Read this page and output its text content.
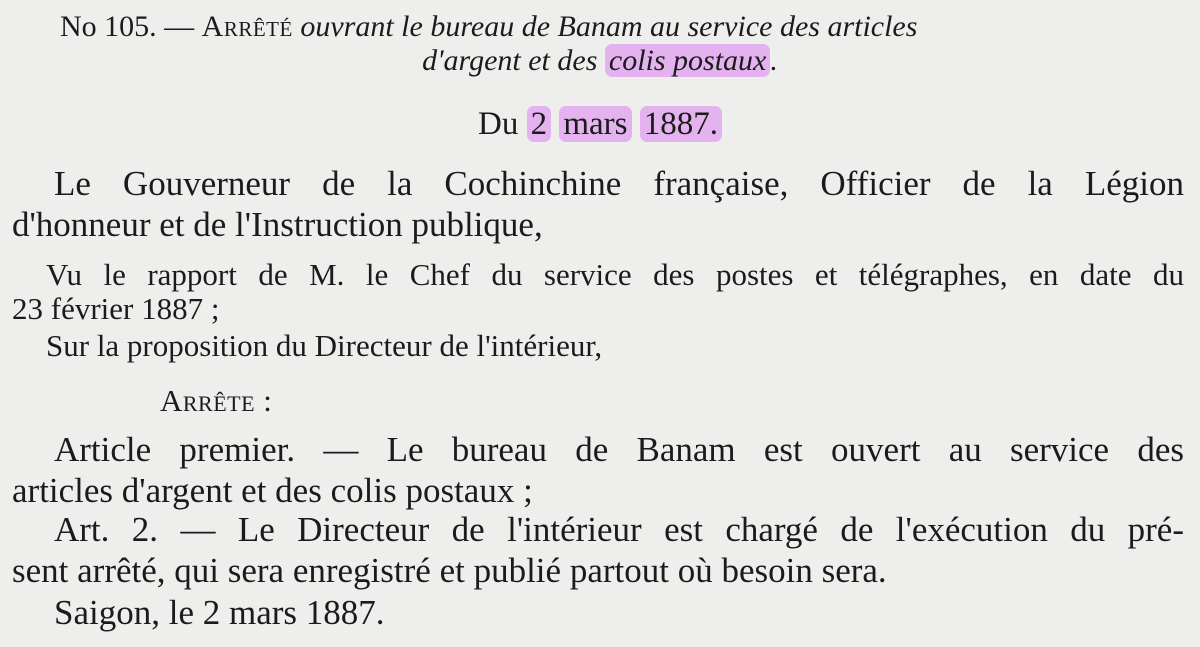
No 105. — Arrêté ouvrant le bureau de Banam au service des articles
d'argent et des colis postaux .
Du 2 mars 1887.
Le Gouverneur de la Cochinchine française, Officier de la Légion
d'honneur et de l'Instruction publique,
Vu le rapport de M. le Chef du service des postes et télégraphes, en date du
23 février 1887 ;
Sur la proposition du Directeur de l'intérieur,
Arrête :
Article premier. — Le bureau de Banam est ouvert au service des
articles d'argent et des colis postaux ;
Art. 2. — Le Directeur de l'intérieur est chargé de l'exécution du pré-
sent arrêté, qui sera enregistré et publié partout où besoin sera.
Saigon, le 2 mars 1887.
